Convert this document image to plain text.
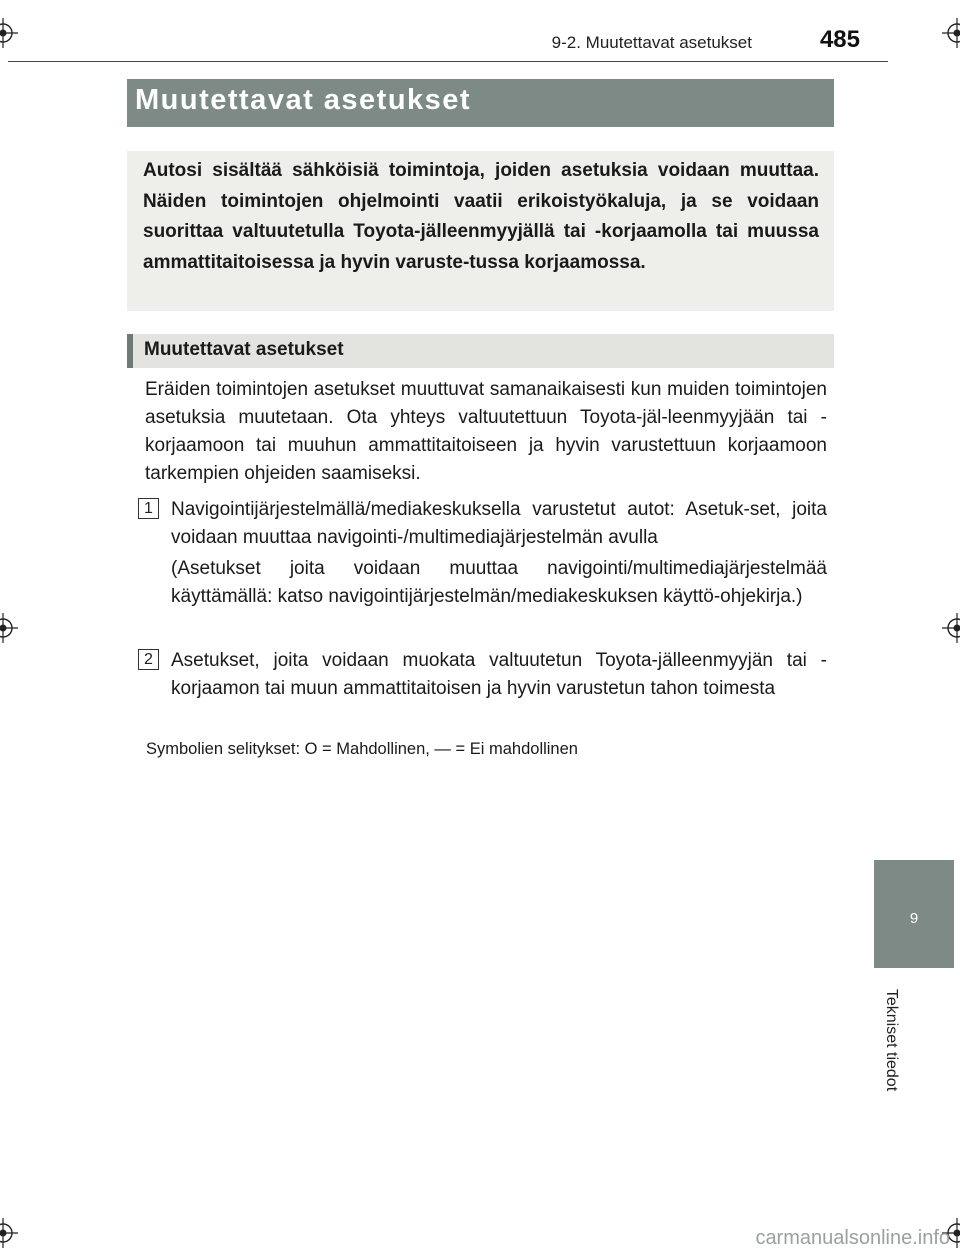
9-2. Muutettavat asetukset	485
Muutettavat asetukset

Autosi sisältää sähköisiä toimintoja, joiden asetuksia voidaan muuttaa. Näiden toimintojen ohjelmointi vaatii erikoistyökaluja, ja se voidaan suorittaa valtuutetulla Toyota-jälleenmyyjällä tai -korjaamolla tai muussa ammattitaitoisessa ja hyvin varuste-tussa korjaamossa.

Muutettavat asetukset

Eräiden toimintojen asetukset muuttuvat samanaikaisesti kun muiden toimintojen asetuksia muutetaan. Ota yhteys valtuutettuun Toyota-jäl-leenmyyjään tai -korjaamoon tai muuhun ammattitaitoiseen ja hyvin varustettuun korjaamoon tarkempien ohjeiden saamiseksi.

1 Navigointijärjestelmällä/mediakeskuksella varustetut autot: Asetuk-set, joita voidaan muuttaa navigointi-/multimediajärjestelmän avulla

(Asetukset joita voidaan muuttaa navigointi/multimediajärjestelmää käyttämällä: katso navigointijärjestelmän/mediakeskuksen käyttö-ohjekirja.)

2 Asetukset, joita voidaan muokata valtuutetun Toyota-jälleenmyyjän tai -korjaamon tai muun ammattitaitoisen ja hyvin varustetun tahon toimesta

Symbolien selitykset: O = Mahdollinen, — = Ei mahdollinen

9
Tekniset tiedot
carmanualsonline.info
